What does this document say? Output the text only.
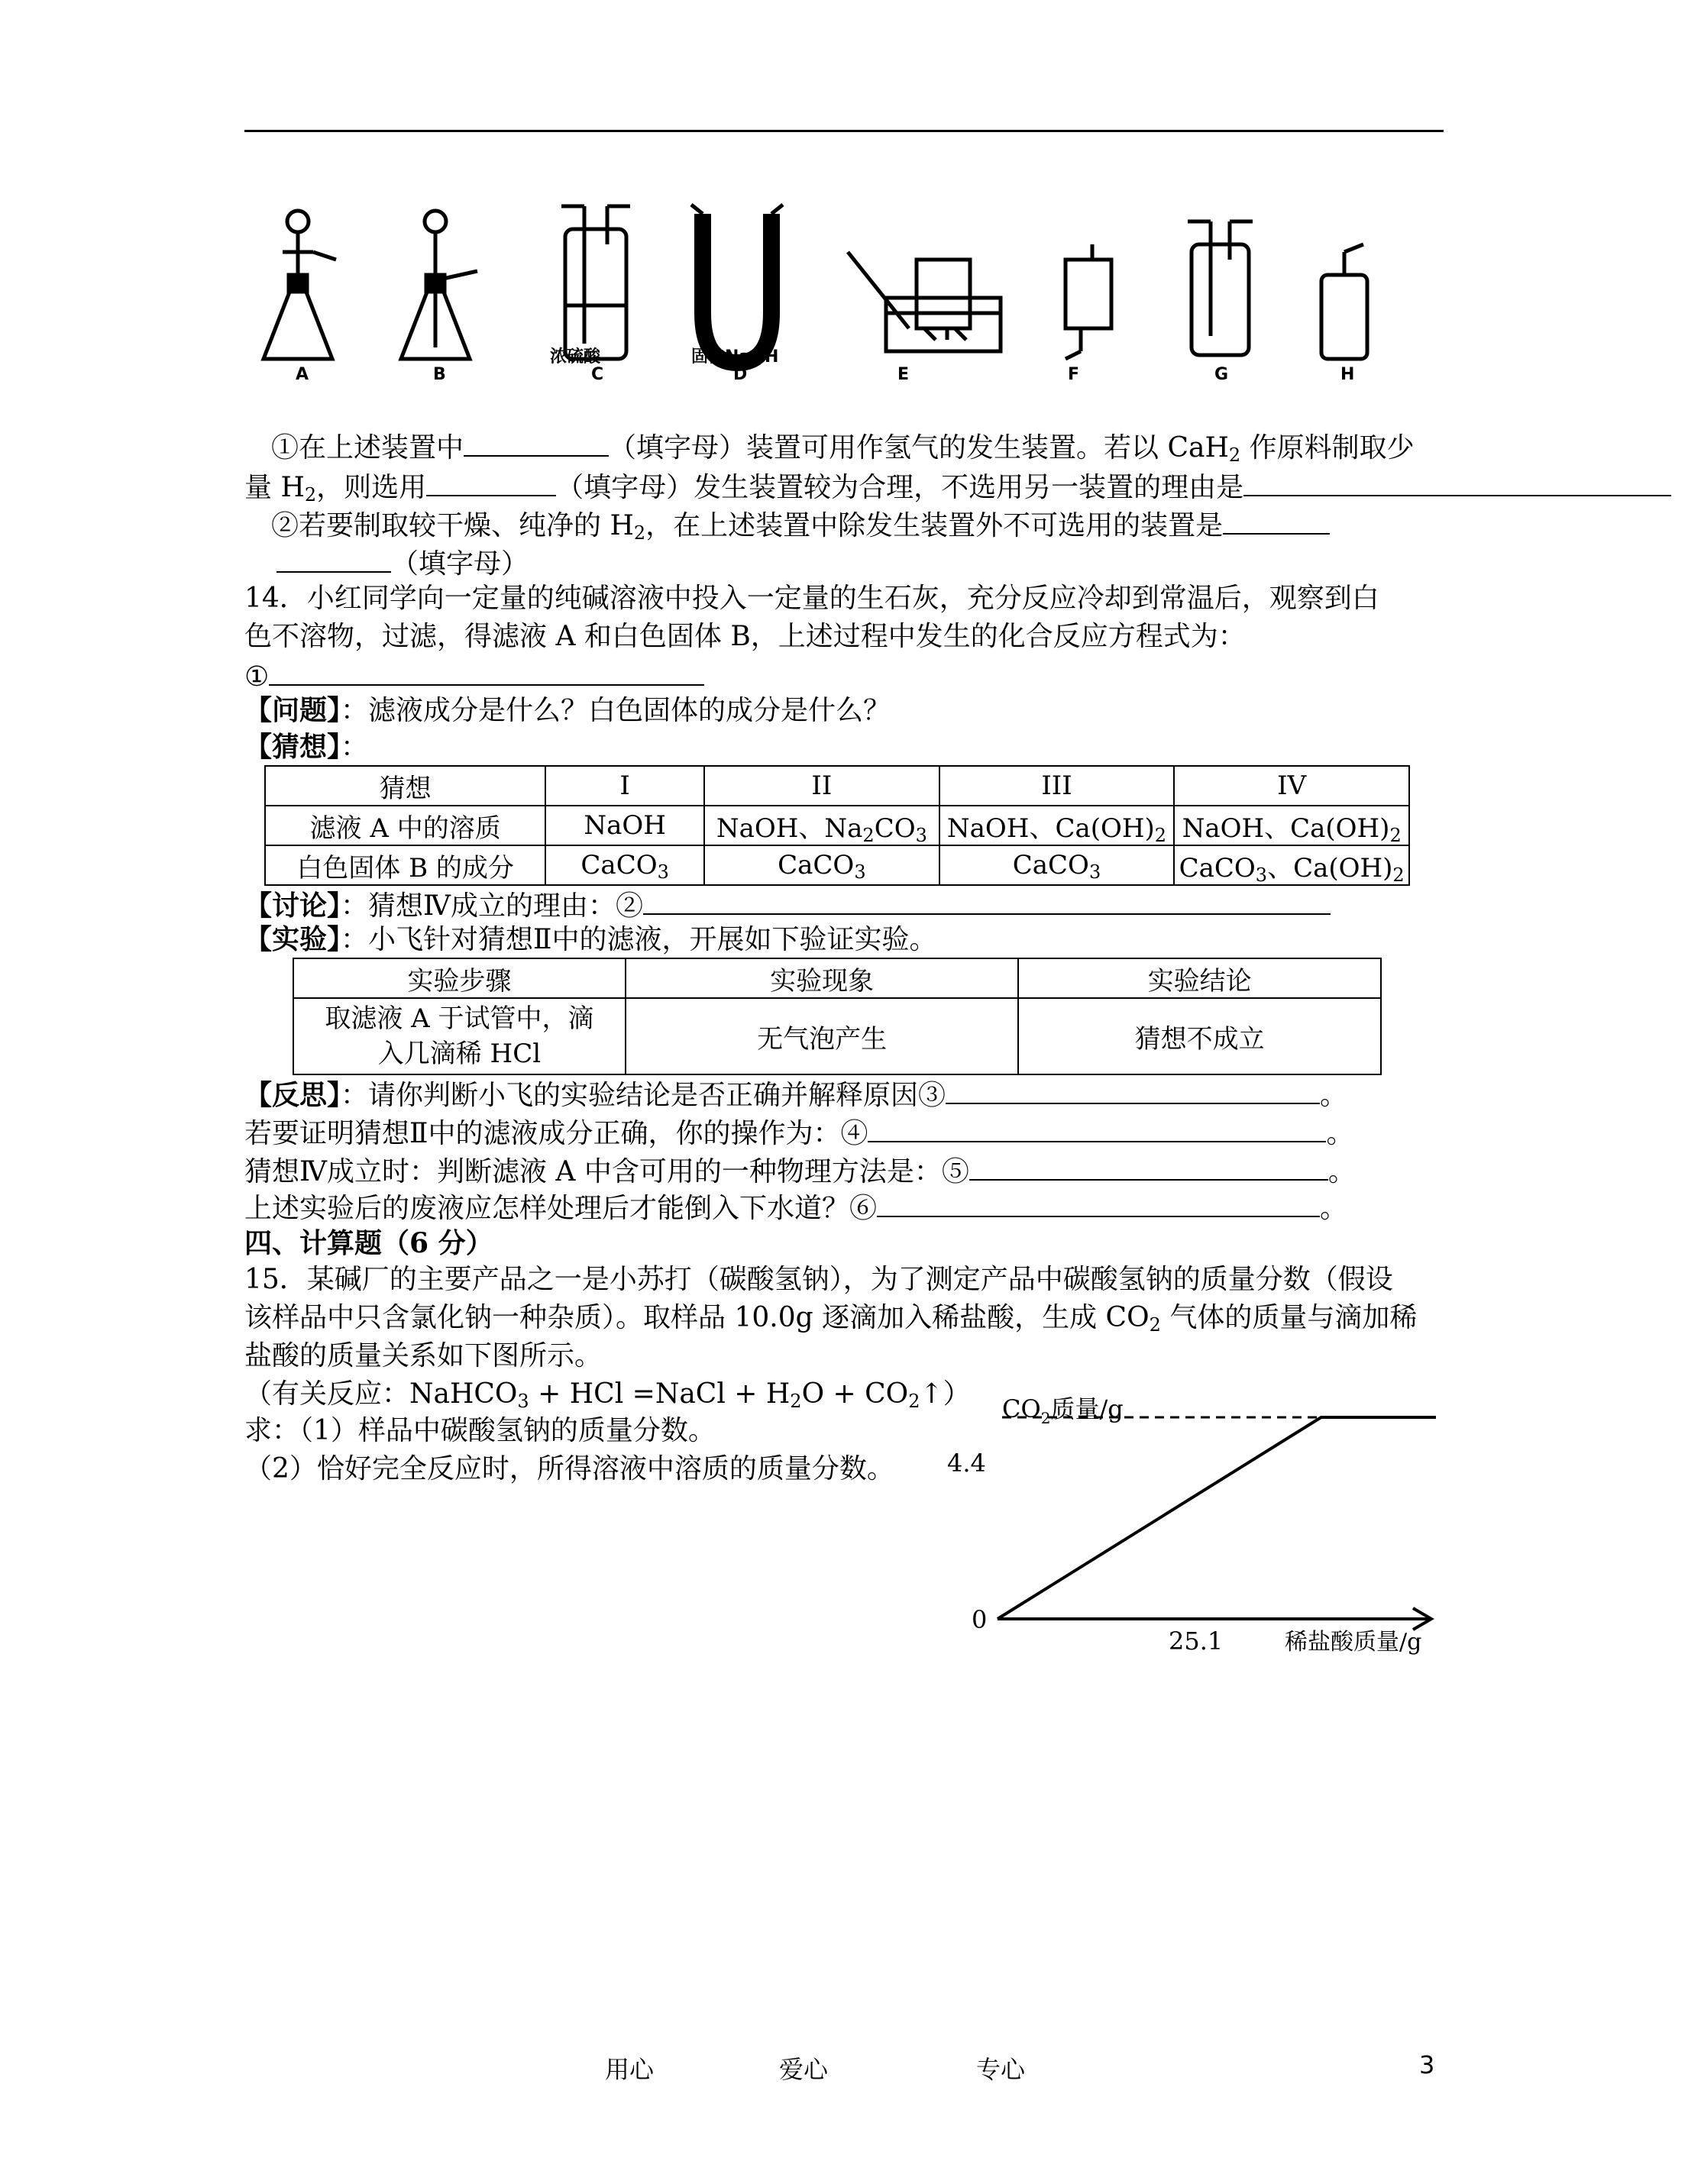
A	B
浓硫酸
C
固体NaOH
D	E	F	G	H
①在上述装置中	（填字母）装置可用作氢气的发生装置。若以 CaH$_2$ 作原料制取少
量 $H_2$，则选用	（填字母）发生装置较为合理，不选用另一装置的理由是
②若要制取较干燥、纯净的 $H_2$，在上述装置中除发生装置外不可选用的装置是
（填字母）
14．小红同学向一定量的纯碱溶液中投入一定量的生石灰，充分反应冷却到常温后，观察到白
色不溶物，过滤，得滤液 A 和白色固体 B，上述过程中发生的化合反应方程式为：
①
【问题】：滤液成分是什么？白色固体的成分是什么？
【猜想】：
猜想	I	II	III	IV
滤液 A 中的溶质	NaOH	NaOH、$Na_2CO_3$	NaOH、$Ca(OH)_2$	NaOH、$Ca(OH)_2$
白色固体 B 的成分	CaCO$_3$	CaCO$_3$	CaCO$_3$	CaCO$_3$、$Ca(OH)_2$
【讨论】：猜想Ⅳ成立的理由：②
【实验】：小飞针对猜想Ⅱ中的滤液，开展如下验证实验。
实验步骤	实验现象	实验结论
取滤液 A 于试管中，滴
入几滴稀 HCl	无气泡产生	猜想不成立
【反思】：请你判断小飞的实验结论是否正确并解释原因③	。
若要证明猜想Ⅱ中的滤液成分正确，你的操作为：④	。
猜想Ⅳ成立时：判断滤液 A 中含可用的一种物理方法是：⑤	。
上述实验后的废液应怎样处理后才能倒入下水道？⑥	。
四、计算题（6 分）
15．某碱厂的主要产品之一是小苏打（碳酸氢钠），为了测定产品中碳酸氢钠的质量分数（假设
该样品中只含氯化钠一种杂质）。取样品 10.0g 逐滴加入稀盐酸，生成 $CO_2$ 气体的质量与滴加稀
盐酸的质量关系如下图所示。
（有关反应：NaHCO$_3$ + HCl =NaCl + $H_2O$ + $CO_2↑$）
求：（1）样品中碳酸氢钠的质量分数。
（2）恰好完全反应时，所得溶液中溶质的质量分数。
$CO_2$质量/g
4.4
0
25.1	稀盐酸质量/g
用心	爱心	专心	3
